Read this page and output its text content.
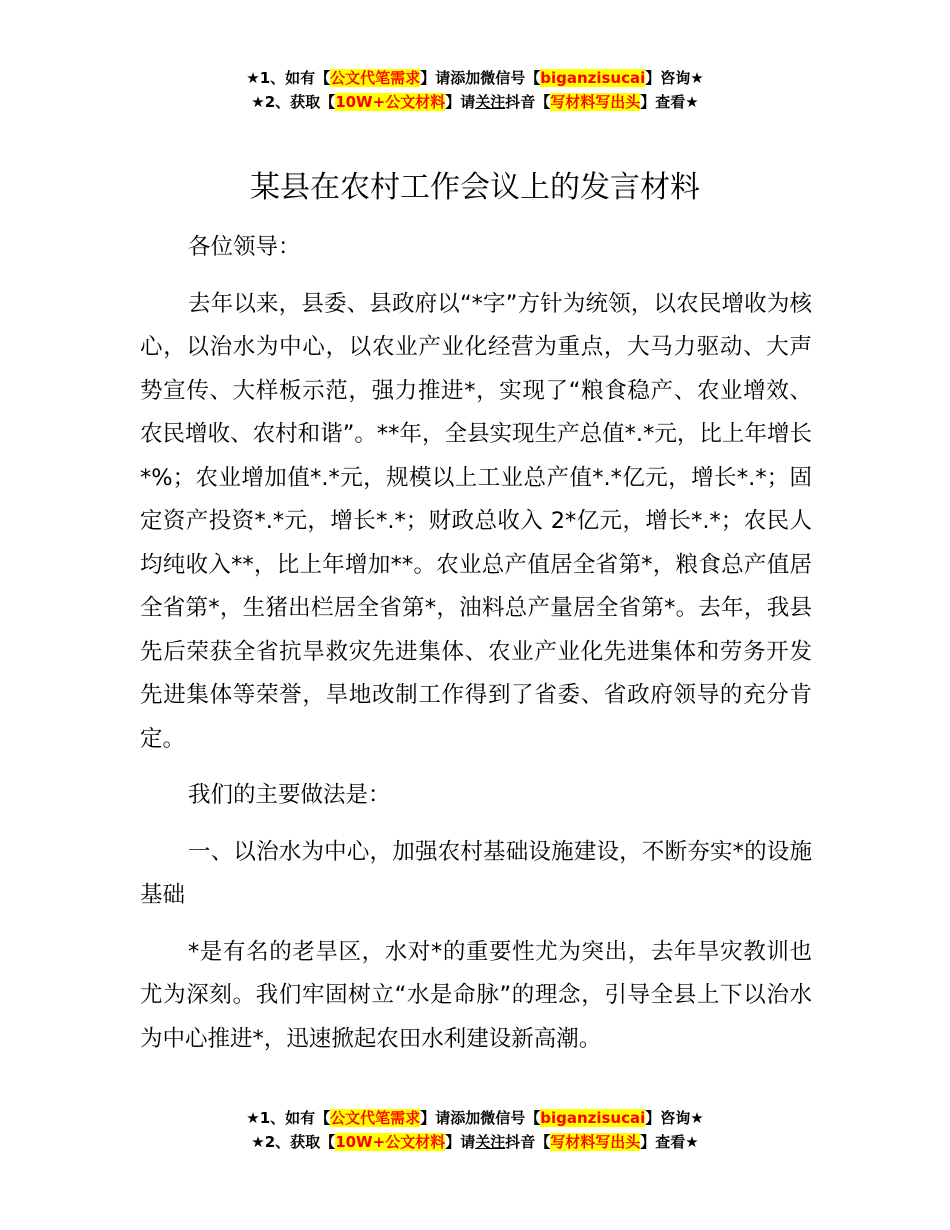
★1、如有【公文代笔需求】请添加微信号【biganzisucai】咨询★
★2、获取【10W+公文材料】请关注抖音【写材料写出头】查看★
某县在农村工作会议上的发言材料

各位领导：

去年以来，县委、县政府以“*字”方针为统领，以农民增收为核心，以治水为中心，以农业产业化经营为重点，大马力驱动、大声势宣传、大样板示范，强力推进*，实现了“粮食稳产、农业增效、农民增收、农村和谐”。**年，全县实现生产总值*.*元，比上年增长*%；农业增加值*.*元，规模以上工业总产值*.*亿元，增长*.*；固定资产投资*.*元，增长*.*；财政总收入 2*亿元，增长*.*；农民人均纯收入**，比上年增加**。农业总产值居全省第*，粮食总产值居全省第*，生猪出栏居全省第*，油料总产量居全省第*。去年，我县先后荣获全省抗旱救灾先进集体、农业产业化先进集体和劳务开发先进集体等荣誉，旱地改制工作得到了省委、省政府领导的充分肯定。

我们的主要做法是：

一、以治水为中心，加强农村基础设施建设，不断夯实*的设施基础

*是有名的老旱区，水对*的重要性尤为突出，去年旱灾教训也尤为深刻。我们牢固树立“水是命脉”的理念，引导全县上下以治水为中心推进*，迅速掀起农田水利建设新高潮。

★1、如有【公文代笔需求】请添加微信号【biganzisucai】咨询★
★2、获取【10W+公文材料】请关注抖音【写材料写出头】查看★
